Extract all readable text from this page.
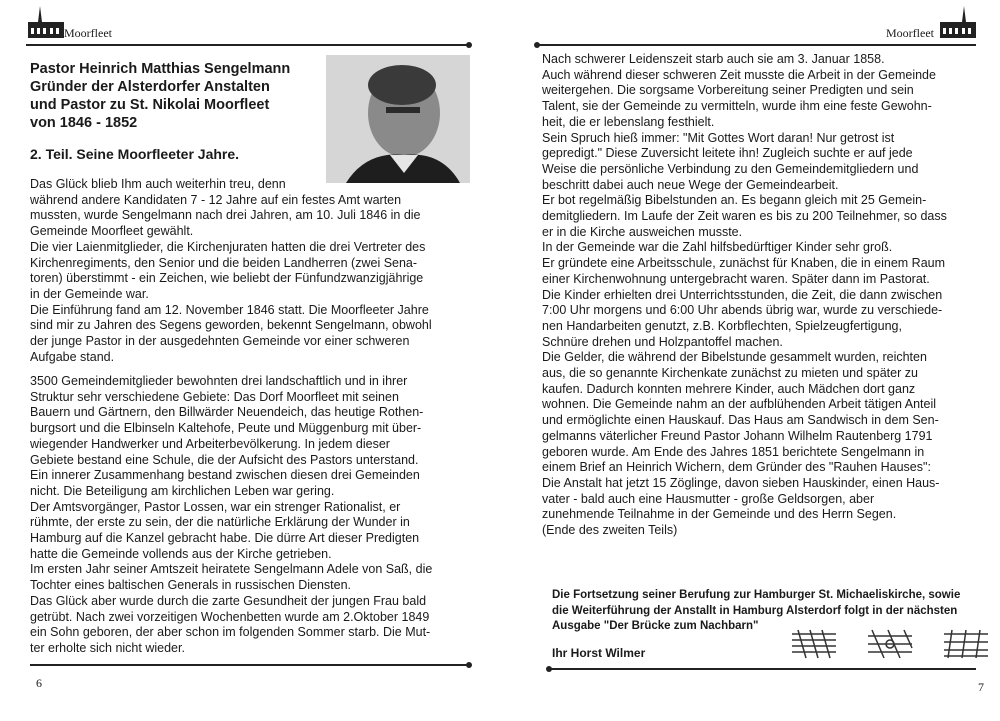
Moorfleet
Pastor Heinrich Matthias Sengelmann
Gründer der Alsterdorfer Anstalten
und Pastor zu St. Nikolai Moorfleet
von 1846 - 1852
2. Teil. Seine Moorfleeter Jahre.

Das Glück blieb Ihm auch weiterhin treu, denn

während andere Kandidaten 7 - 12 Jahre auf ein festes Amt warten

mussten, wurde Sengelmann nach drei Jahren, am 10. Juli 1846 in die

Gemeinde Moorfleet gewählt.

Die vier Laienmitglieder, die Kirchenjuraten hatten die drei Vertreter des

Kirchenregiments, den Senior und die beiden Landherren (zwei Sena-

toren) überstimmt - ein Zeichen, wie beliebt der Fünfundzwanzigjährige

in der Gemeinde war.

Die Einführung fand am 12. November 1846 statt. Die Moorfleeter Jahre

sind mir zu Jahren des Segens geworden, bekennt Sengelmann, obwohl

der junge Pastor in der ausgedehnten Gemeinde vor einer schweren

Aufgabe stand.

3500 Gemeindemitglieder bewohnten drei landschaftlich und in ihrer

Struktur sehr verschiedene Gebiete: Das Dorf Moorfleet mit seinen

Bauern und Gärtnern, den Billwärder Neuendeich, das heutige Rothen-

burgsort und die Elbinseln Kaltehofe, Peute und Müggenburg mit über-

wiegender Handwerker und Arbeiterbevölkerung. In jedem dieser

Gebiete bestand eine Schule, die der Aufsicht des Pastors unterstand.

Ein innerer Zusammenhang bestand zwischen diesen drei Gemeinden

nicht. Die Beteiligung am kirchlichen Leben war gering.

Der Amtsvorgänger, Pastor Lossen, war ein strenger Rationalist, er

rühmte, der erste zu sein, der die natürliche Erklärung der Wunder in

Hamburg auf die Kanzel gebracht habe. Die dürre Art dieser Predigten

hatte die Gemeinde vollends aus der Kirche getrieben.

Im ersten Jahr seiner Amtszeit heiratete Sengelmann Adele von Saß, die

Tochter eines baltischen Generals in russischen Diensten.

Das Glück aber wurde durch die zarte Gesundheit der jungen Frau bald

getrübt. Nach zwei vorzeitigen Wochenbetten wurde am 2.Oktober 1849

ein Sohn geboren, der aber schon im folgenden Sommer starb. Die Mut-

ter erholte sich nicht wieder.

6
Moorfleet

Nach schwerer Leidenszeit starb auch sie am 3. Januar 1858.

Auch während dieser schweren Zeit musste die Arbeit in der Gemeinde

weitergehen. Die sorgsame Vorbereitung seiner Predigten und sein

Talent, sie der Gemeinde zu vermitteln, wurde ihm eine feste Gewohn-

heit, die er lebenslang festhielt.

Sein Spruch hieß immer: "Mit Gottes Wort daran! Nur getrost ist

gepredigt." Diese Zuversicht leitete ihn! Zugleich suchte er auf jede

Weise die persönliche Verbindung zu den Gemeindemitgliedern und

beschritt dabei auch neue Wege der Gemeindearbeit.

Er bot regelmäßig Bibelstunden an. Es begann gleich mit 25 Gemein-

demitgliedern. Im Laufe der Zeit waren es bis zu 200 Teilnehmer, so dass

er in die Kirche ausweichen musste.

In der Gemeinde war die Zahl hilfsbedürftiger Kinder sehr groß.

Er gründete eine Arbeitsschule, zunächst für Knaben, die in einem Raum

einer Kirchenwohnung untergebracht waren. Später dann im Pastorat.

Die Kinder erhielten drei Unterrichtsstunden, die Zeit, die dann zwischen

7:00 Uhr morgens und 6:00 Uhr abends übrig war, wurde zu verschiede-

nen Handarbeiten genutzt, z.B. Korbflechten, Spielzeugfertigung,

Schnüre drehen und Holzpantoffel machen.

Die Gelder, die während der Bibelstunde gesammelt wurden, reichten

aus, die so genannte Kirchenkate zunächst zu mieten und später zu

kaufen. Dadurch konnten mehrere Kinder, auch Mädchen dort ganz

wohnen. Die Gemeinde nahm an der aufblühenden Arbeit tätigen Anteil

und ermöglichte einen Hauskauf. Das Haus am Sandwisch in dem Sen-

gelmanns väterlicher Freund Pastor Johann Wilhelm Rautenberg 1791

geboren wurde. Am Ende des Jahres 1851 berichtete Sengelmann in

einem Brief an Heinrich Wichern, dem Gründer des "Rauhen Hauses":

Die Anstalt hat jetzt 15 Zöglinge, davon sieben Hauskinder, einen Haus-

vater - bald auch eine Hausmutter - große Geldsorgen, aber

zunehmende Teilnahme in der Gemeinde und des Herrn Segen.

(Ende des zweiten Teils)

Die Fortsetzung seiner Berufung zur Hamburger St. Michaeliskirche, sowie

die Weiterführung der Anstallt in Hamburg Alsterdorf folgt in der nächsten

Ausgabe "Der Brücke zum Nachbarn"

Ihr Horst Wilmer
7
